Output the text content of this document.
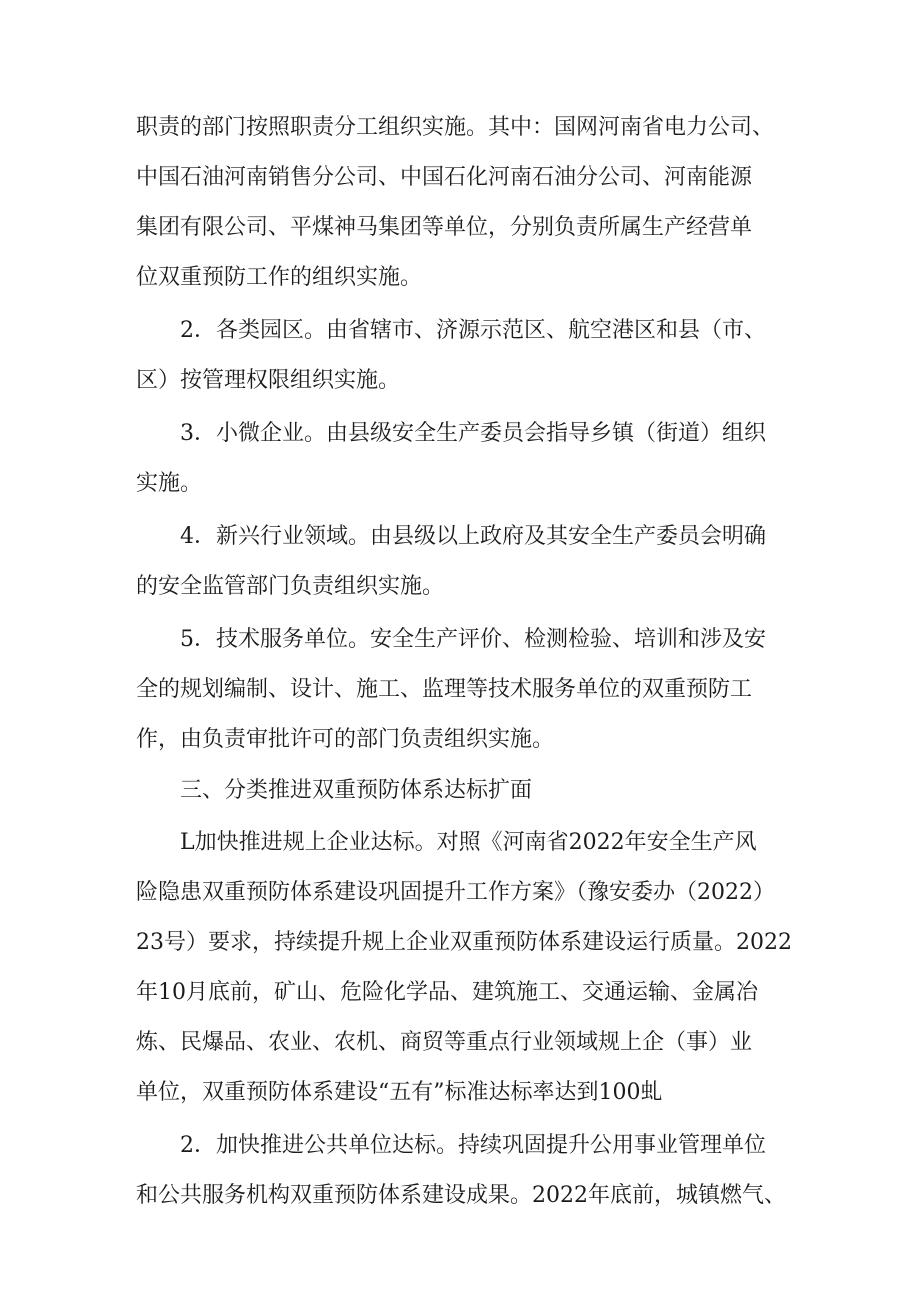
职责的部门按照职责分工组织实施。其中：国网河南省电力公司、
中国石油河南销售分公司、中国石化河南石油分公司、河南能源
集团有限公司、平煤神马集团等单位，分别负责所属生产经营单
位双重预防工作的组织实施。
2．各类园区。由省辖市、济源示范区、航空港区和县（市、
区）按管理权限组织实施。
3．小微企业。由县级安全生产委员会指导乡镇（街道）组织
实施。
4．新兴行业领域。由县级以上政府及其安全生产委员会明确
的安全监管部门负责组织实施。
5．技术服务单位。安全生产评价、检测检验、培训和涉及安
全的规划编制、设计、施工、监理等技术服务单位的双重预防工
作，由负责审批许可的部门负责组织实施。
三、分类推进双重预防体系达标扩面
L加快推进规上企业达标。对照《河南省2022年安全生产风
险隐患双重预防体系建设巩固提升工作方案》（豫安委办（2022）
23号）要求，持续提升规上企业双重预防体系建设运行质量。2022
年10月底前，矿山、危险化学品、建筑施工、交通运输、金属冶
炼、民爆品、农业、农机、商贸等重点行业领域规上企（事）业
单位，双重预防体系建设“五有”标准达标率达到100虬
2．加快推进公共单位达标。持续巩固提升公用事业管理单位
和公共服务机构双重预防体系建设成果。2022年底前，城镇燃气、
